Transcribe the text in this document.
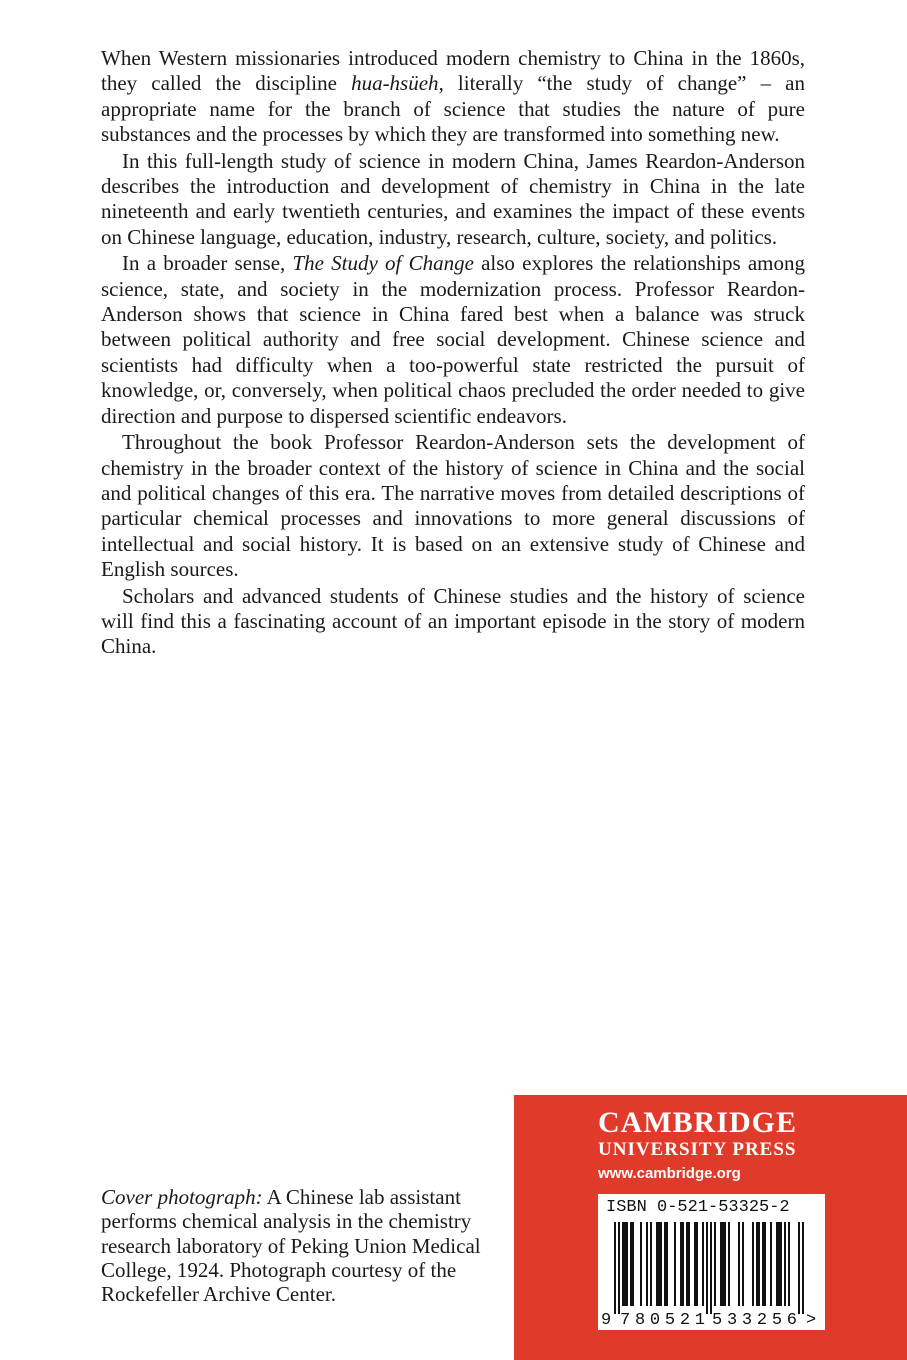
When Western missionaries introduced modern chemistry to China in the 1860s, they called the discipline hua-hsüeh, literally “the study of change” – an appropriate name for the branch of science that studies the nature of pure substances and the processes by which they are transformed into something new.

In this full-length study of science in modern China, James Reardon-Anderson describes the introduction and development of chemistry in China in the late nineteenth and early twentieth centuries, and examines the impact of these events on Chinese language, education, industry, research, culture, society, and politics.

In a broader sense, The Study of Change also explores the relationships among science, state, and society in the modernization process. Professor Reardon-Anderson shows that science in China fared best when a balance was struck between political authority and free social development. Chinese science and scientists had difficulty when a too-powerful state restricted the pursuit of knowledge, or, conversely, when political chaos precluded the order needed to give direction and purpose to dispersed scientific endeavors.

Throughout the book Professor Reardon-Anderson sets the development of chemistry in the broader context of the history of science in China and the social and political changes of this era. The narrative moves from detailed descriptions of particular chemical processes and innovations to more general discussions of intellectual and social history. It is based on an extensive study of Chinese and English sources.

Scholars and advanced students of Chinese studies and the history of science will find this a fascinating account of an important episode in the story of modern China.

Cover photograph: A Chinese lab assistant performs chemical analysis in the chemistry research laboratory of Peking Union Medical College, 1924. Photograph courtesy of the Rockefeller Archive Center.

CAMBRIDGE
UNIVERSITY PRESS
www.cambridge.org
9 780521 533256 >
ISBN 0-521-53325-2
